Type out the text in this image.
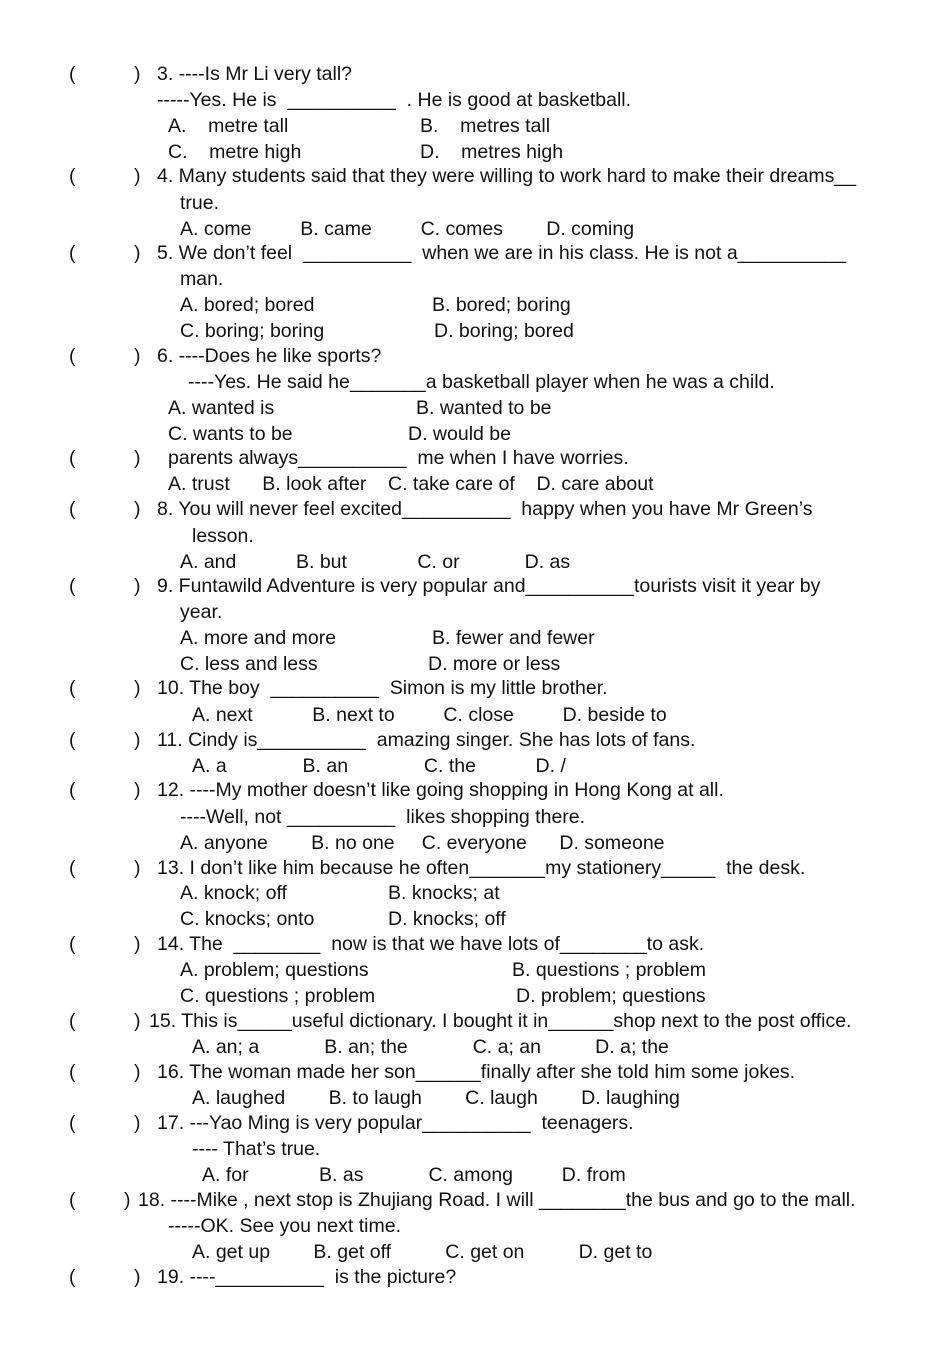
(	) 3. ----Is Mr Li very tall?
-----Yes. He is  __________  . He is good at basketball.
A.    metre tall	B.    metres tall
C.    metre high	D.    metres high
(	) 4. Many students said that they were willing to work hard to make their dreams__
true.
A. come         B. came         C. comes        D. coming
(	) 5. We don’t feel  __________  when we are in his class. He is not a__________
man.
A. bored; bored	B. bored; boring
C. boring; boring	D. boring; bored
(	) 6. ----Does he like sports?
----Yes. He said he_______a basketball player when he was a child.
A. wanted is	B. wanted to be
C. wants to be	D. would be
(	) parents always__________  me when I have worries.
A. trust      B. look after    C. take care of    D. care about
(	) 8. You will never feel excited__________  happy when you have Mr Green’s
lesson.
A. and           B. but             C. or            D. as
(	) 9. Funtawild Adventure is very popular and__________tourists visit it year by
year.
A. more and more	B. fewer and fewer
C. less and less	D. more or less
(	) 10. The boy  __________  Simon is my little brother.
A. next           B. next to         C. close         D. beside to
(	) 11. Cindy is__________  amazing singer. She has lots of fans.
A. a              B. an              C. the           D. /
(	) 12. ----My mother doesn’t like going shopping in Hong Kong at all.
----Well, not __________  likes shopping there.
A. anyone        B. no one     C. everyone      D. someone
(	) 13. I don’t like him because he often_______my stationery_____  the desk.
A. knock; off	B. knocks; at
C. knocks; onto	D. knocks; off
(	) 14. The  ________  now is that we have lots of________to ask.
A. problem; questions	B. questions ; problem
C. questions ; problem	D. problem; questions
(	) 15. This is_____useful dictionary. I bought it in______shop next to the post office.
A. an; a            B. an; the            C. a; an          D. a; the
(	) 16. The woman made her son______finally after she told him some jokes.
A. laughed        B. to laugh        C. laugh        D. laughing
(	) 17. ---Yao Ming is very popular__________  teenagers.
---- That’s true.
A. for             B. as            C. among         D. from
( ) 18. ----Mike , next stop is Zhujiang Road. I will ________the bus and go to the mall.
-----OK. See you next time.
A. get up        B. get off          C. get on          D. get to
(	) 19. ----__________  is the picture?
